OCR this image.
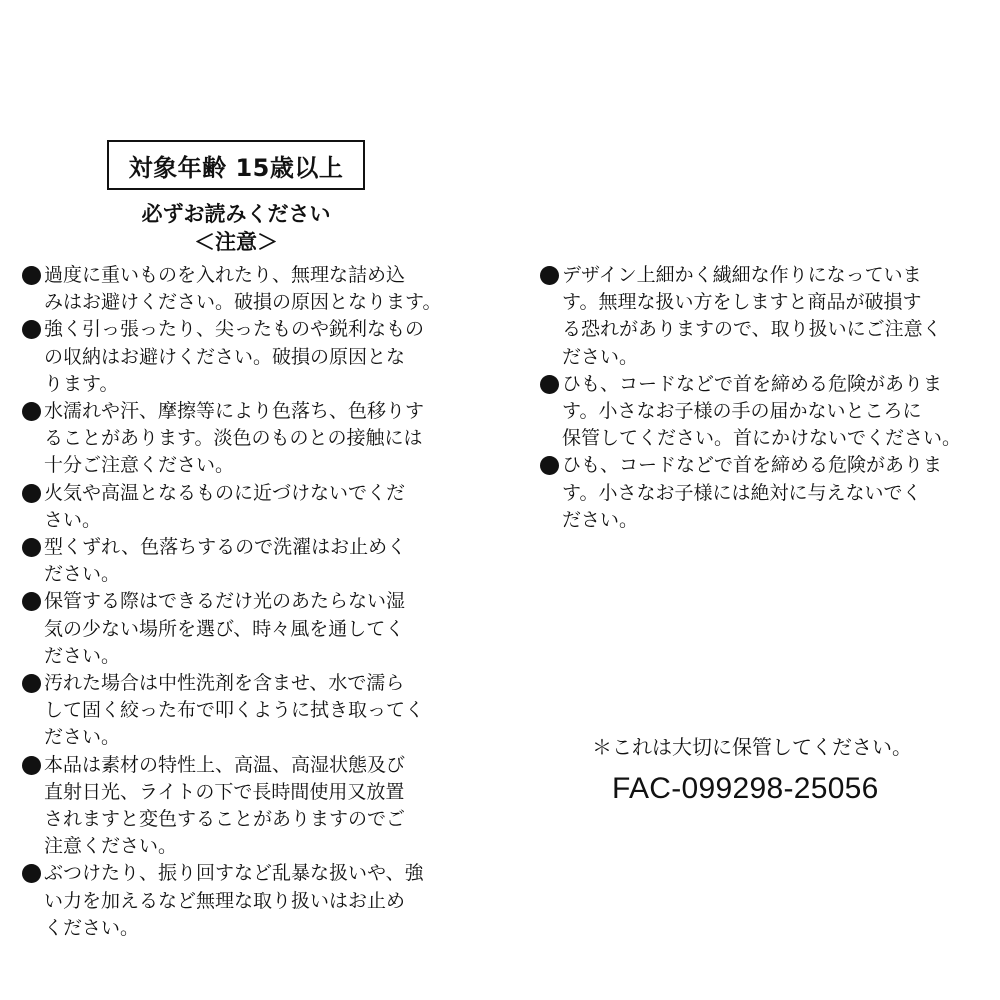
対象年齢 15歳以上
必ずお読みください
＜注意＞
過度に重いものを入れたり、無理な詰め込
みはお避けください。破損の原因となります。
強く引っ張ったり、尖ったものや鋭利なもの
の収納はお避けください。破損の原因とな
ります。
水濡れや汗、摩擦等により色落ち、色移りす
ることがあります。淡色のものとの接触には
十分ご注意ください。
火気や高温となるものに近づけないでくだ
さい。
型くずれ、色落ちするので洗濯はお止めく
ださい。
保管する際はできるだけ光のあたらない湿
気の少ない場所を選び、時々風を通してく
ださい。
汚れた場合は中性洗剤を含ませ、水で濡ら
して固く絞った布で叩くように拭き取ってく
ださい。
本品は素材の特性上、高温、高湿状態及び
直射日光、ライトの下で長時間使用又放置
されますと変色することがありますのでご
注意ください。
ぶつけたり、振り回すなど乱暴な扱いや、強
い力を加えるなど無理な取り扱いはお止め
ください。
デザイン上細かく繊細な作りになっていま
す。無理な扱い方をしますと商品が破損す
る恐れがありますので、取り扱いにご注意く
ださい。
ひも、コードなどで首を締める危険がありま
す。小さなお子様の手の届かないところに
保管してください。首にかけないでください。
ひも、コードなどで首を締める危険がありま
す。小さなお子様には絶対に与えないでく
ださい。
＊これは大切に保管してください。
FAC-099298-25056
